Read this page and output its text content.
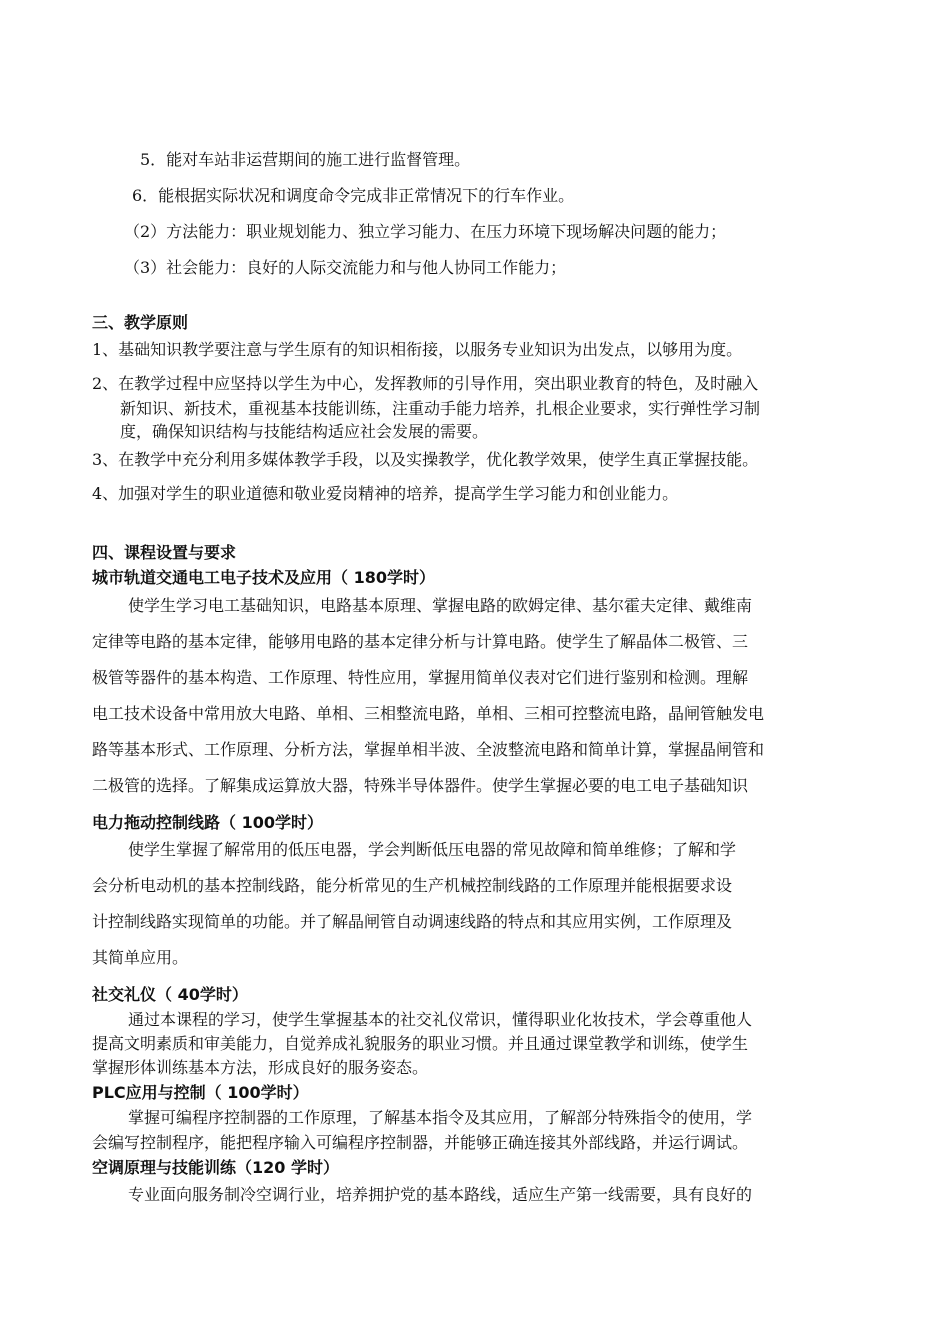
5．能对车站非运营期间的施工进行监督管理。
6．能根据实际状况和调度命令完成非正常情况下的行车作业。
（2）方法能力：职业规划能力、独立学习能力、在压力环境下现场解决问题的能力；
（3）社会能力：良好的人际交流能力和与他人协同工作能力；
三、教学原则
1、基础知识教学要注意与学生原有的知识相衔接，以服务专业知识为出发点，以够用为度。
2、在教学过程中应坚持以学生为中心，发挥教师的引导作用，突出职业教育的特色，及时融入
新知识、新技术，重视基本技能训练，注重动手能力培养，扎根企业要求，实行弹性学习制
度，确保知识结构与技能结构适应社会发展的需要。
3、在教学中充分利用多媒体教学手段，以及实操教学，优化教学效果，使学生真正掌握技能。
4、加强对学生的职业道德和敬业爱岗精神的培养，提高学生学习能力和创业能力。
四、课程设置与要求
城市轨道交通电工电子技术及应用（ 180学时）
使学生学习电工基础知识，电路基本原理、掌握电路的欧姆定律、基尔霍夫定律、戴维南
定律等电路的基本定律，能够用电路的基本定律分析与计算电路。使学生了解晶体二极管、三
极管等器件的基本构造、工作原理、特性应用，掌握用简单仪表对它们进行鉴别和检测。理解
电工技术设备中常用放大电路、单相、三相整流电路，单相、三相可控整流电路，晶闸管触发电
路等基本形式、工作原理、分析方法，掌握单相半波、全波整流电路和简单计算，掌握晶闸管和
二极管的选择。了解集成运算放大器，特殊半导体器件。使学生掌握必要的电工电子基础知识
电力拖动控制线路（ 100学时）
使学生掌握了解常用的低压电器，学会判断低压电器的常见故障和简单维修；了解和学
会分析电动机的基本控制线路，能分析常见的生产机械控制线路的工作原理并能根据要求设
计控制线路实现简单的功能。并了解晶闸管自动调速线路的特点和其应用实例，工作原理及
其简单应用。
社交礼仪（ 40学时）
通过本课程的学习，使学生掌握基本的社交礼仪常识，懂得职业化妆技术，学会尊重他人
提高文明素质和审美能力，自觉养成礼貌服务的职业习惯。并且通过课堂教学和训练，使学生
掌握形体训练基本方法，形成良好的服务姿态。
PLC应用与控制（ 100学时）
掌握可编程序控制器的工作原理，了解基本指令及其应用，了解部分特殊指令的使用，学
会编写控制程序，能把程序输入可编程序控制器，并能够正确连接其外部线路，并运行调试。
空调原理与技能训练（120 学时）
专业面向服务制冷空调行业，培养拥护党的基本路线，适应生产第一线需要，具有良好的
